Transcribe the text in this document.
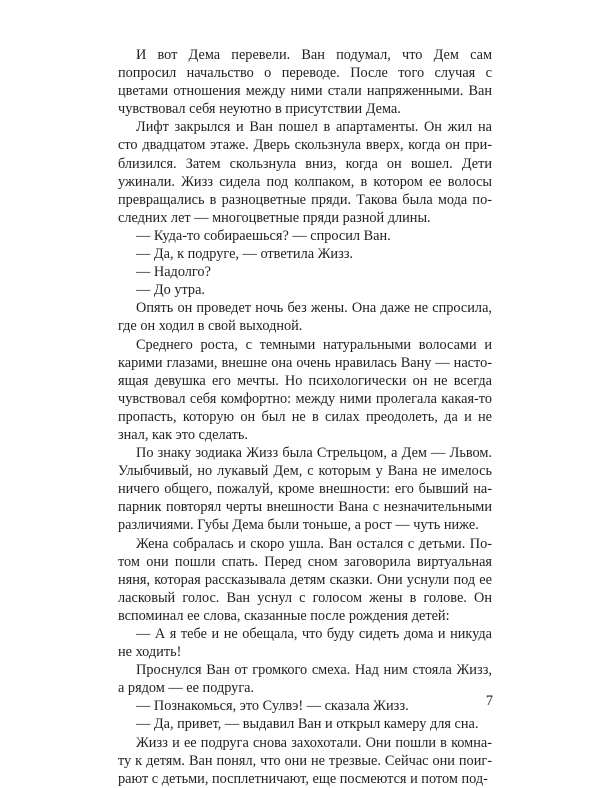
И вот Дема перевели. Ван подумал, что Дем сам попросил начальство о переводе. После того случая с цветами отношения между ними стали напряженными. Ван чувствовал себя неуютно в присутствии Дема.

Лифт закрылся и Ван пошел в апартаменты. Он жил на сто двадцатом этаже. Дверь скользнула вверх, когда он приблизился. Затем скользнула вниз, когда он вошел. Дети ужинали. Жизз сидела под колпаком, в котором ее волосы превращались в разноцветные пряди. Такова была мода последних лет — многоцветные пряди разной длины.

— Куда-то собираешься? — спросил Ван.

— Да, к подруге, — ответила Жизз.

— Надолго?

— До утра.

Опять он проведет ночь без жены. Она даже не спросила, где он ходил в свой выходной.

Среднего роста, с темными натуральными волосами и карими глазами, внешне она очень нравилась Вану — настоящая девушка его мечты. Но психологически он не всегда чувствовал себя комфортно: между ними пролегала какая-то пропасть, которую он был не в силах преодолеть, да и не знал, как это сделать.

По знаку зодиака Жизз была Стрельцом, а Дем — Львом. Улыбчивый, но лукавый Дем, с которым у Вана не имелось ничего общего, пожалуй, кроме внешности: его бывший напарник повторял черты внешности Вана с незначительными различиями. Губы Дема были тоньше, а рост — чуть ниже.

Жена собралась и скоро ушла. Ван остался с детьми. Потом они пошли спать. Перед сном заговорила виртуальная няня, которая рассказывала детям сказки. Они уснули под ее ласковый голос. Ван уснул с голосом жены в голове. Он вспоминал ее слова, сказанные после рождения детей:

— А я тебе и не обещала, что буду сидеть дома и никуда не ходить!

Проснулся Ван от громкого смеха. Над ним стояла Жизз, а рядом — ее подруга.

— Познакомься, это Сулвэ! — сказала Жизз.

— Да, привет, — выдавил Ван и открыл камеру для сна.

Жизз и ее подруга снова захохотали. Они пошли в комнату к детям. Ван понял, что они не трезвые. Сейчас они поиграют с детьми, посплетничают, еще посмеются и потом под-

7
